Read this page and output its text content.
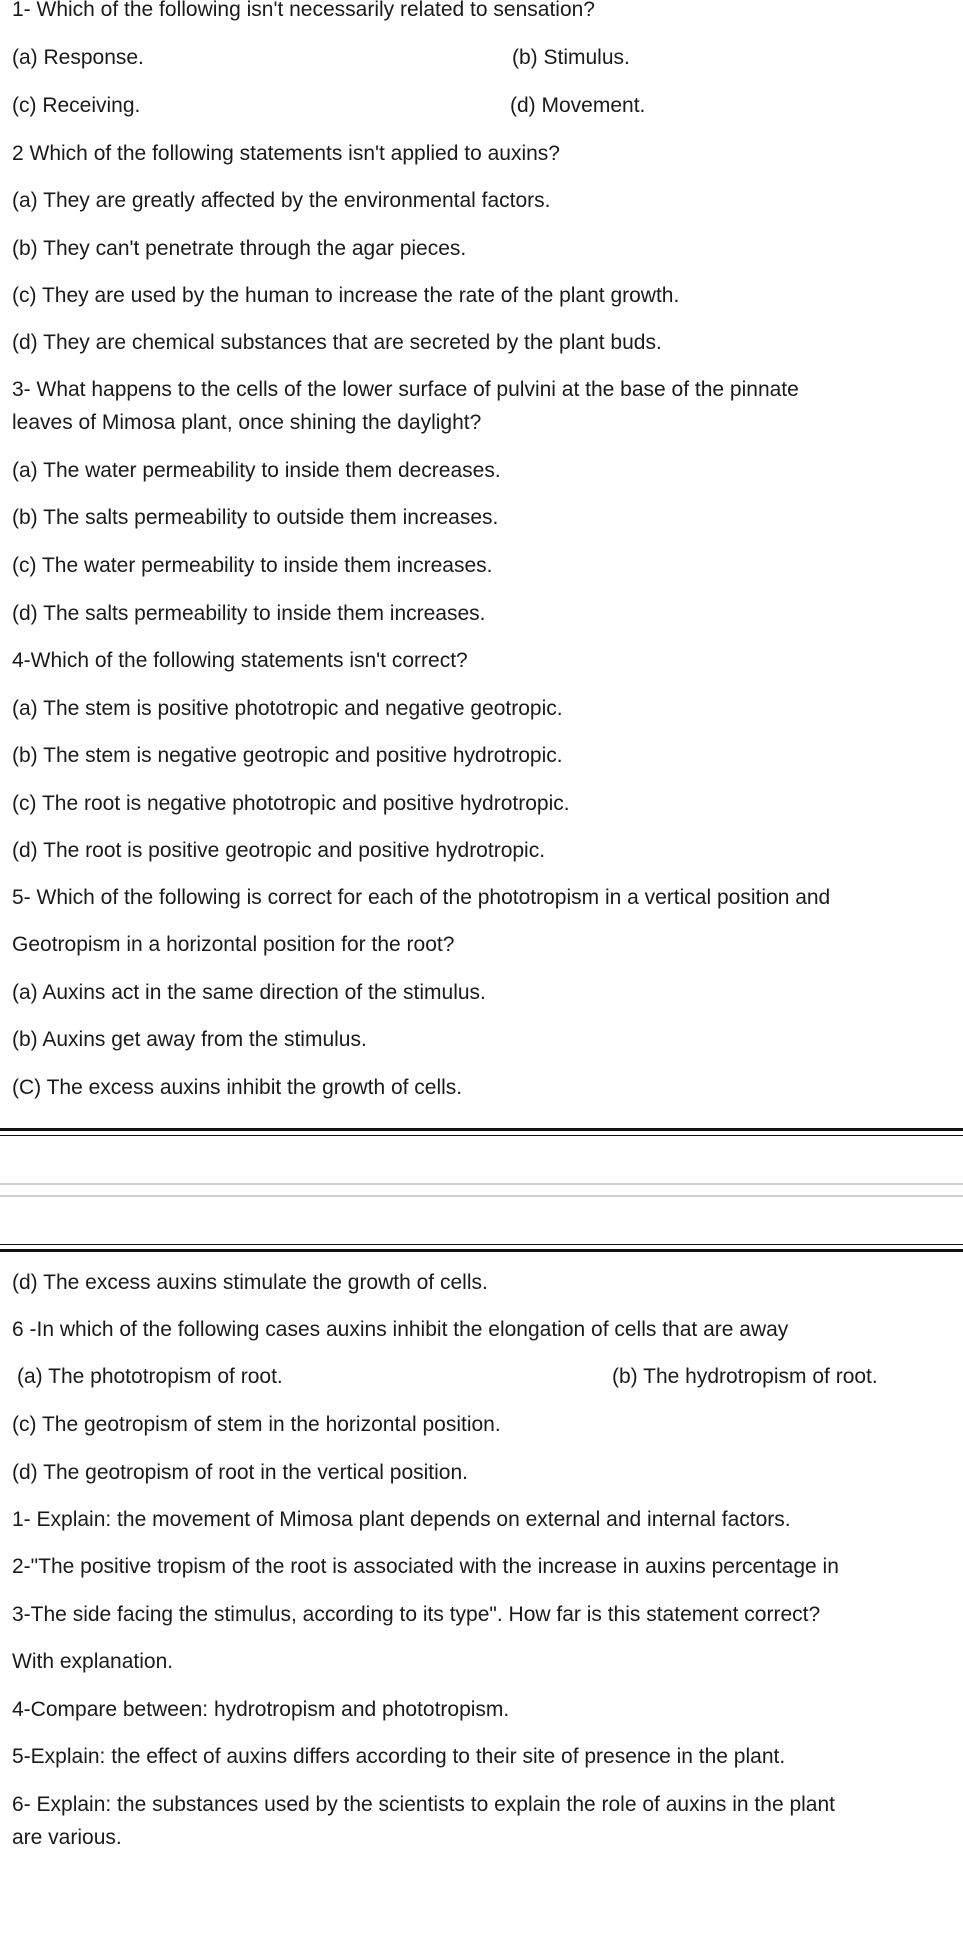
1- Which of the following isn't necessarily related to sensation?
(a) Response.	(b) Stimulus.
(c) Receiving.	(d) Movement.
2 Which of the following statements isn't applied to auxins?
(a) They are greatly affected by the environmental factors.
(b) They can't penetrate through the agar pieces.
(c) They are used by the human to increase the rate of the plant growth.
(d) They are chemical substances that are secreted by the plant buds.
3- What happens to the cells of the lower surface of pulvini at the base of the pinnate
leaves of Mimosa plant, once shining the daylight?
(a) The water permeability to inside them decreases.
(b) The salts permeability to outside them increases.
(c) The water permeability to inside them increases.
(d) The salts permeability to inside them increases.
4-Which of the following statements isn't correct?
(a) The stem is positive phototropic and negative geotropic.
(b) The stem is negative geotropic and positive hydrotropic.
(c) The root is negative phototropic and positive hydrotropic.
(d) The root is positive geotropic and positive hydrotropic.
5- Which of the following is correct for each of the phototropism in a vertical position and
Geotropism in a horizontal position for the root?
(a) Auxins act in the same direction of the stimulus.
(b) Auxins get away from the stimulus.
(C) The excess auxins inhibit the growth of cells.
(d) The excess auxins stimulate the growth of cells.
6 -In which of the following cases auxins inhibit the elongation of cells that are away
(a) The phototropism of root.	(b) The hydrotropism of root.
(c) The geotropism of stem in the horizontal position.
(d) The geotropism of root in the vertical position.
1- Explain: the movement of Mimosa plant depends on external and internal factors.
2-"The positive tropism of the root is associated with the increase in auxins percentage in
3-The side facing the stimulus, according to its type". How far is this statement correct?
With explanation.
4-Compare between: hydrotropism and phototropism.
5-Explain: the effect of auxins differs according to their site of presence in the plant.
6- Explain: the substances used by the scientists to explain the role of auxins in the plant
are various.
